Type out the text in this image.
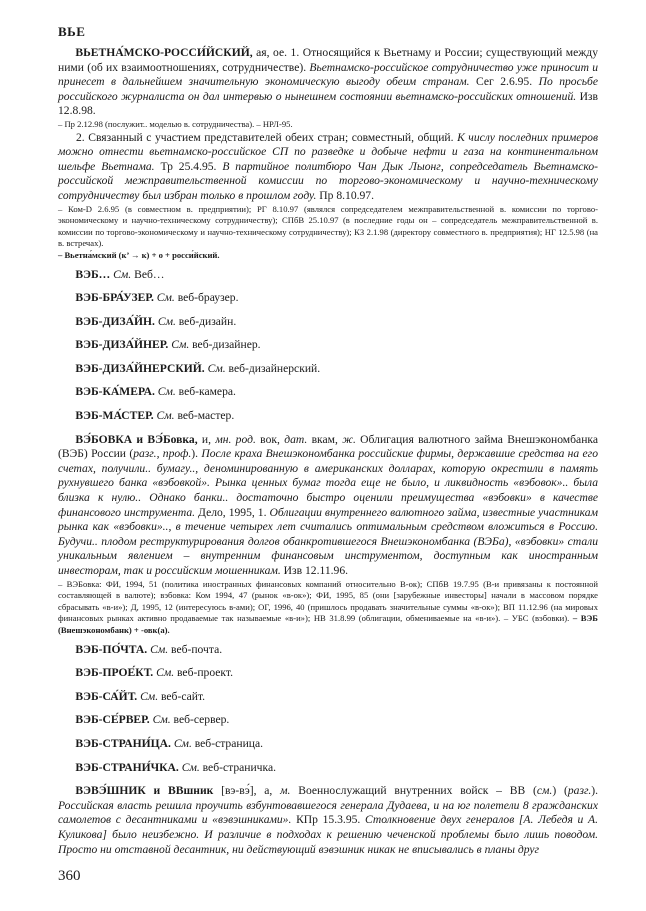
ВЬЕ

  ВЬЕТНА́МСКО-РОССИ́ЙСКИЙ, ая, ое. 1. Относящийся к Вьетнаму и России; существующий между ними (об их взаимоотношениях, сотрудничестве). Вьетнамско-российское сотрудничество уже приносит и принесет в дальнейшем значительную экономическую выгоду обеим странам. Сег 2.6.95. По просьбе российского журналиста он дал интервью о нынешнем состоянии вьетнамско-российских отношений. Изв 12.8.98.

– Пр 2.12.98 (послужит.. моделью в. сотрудничества). – НРЛ-95.

2. Связанный с участием представителей обеих стран; совместный, общий. К числу последних примеров можно отнести вьетнамско-российское СП по разведке и добыче нефти и газа на континентальном шельфе Вьетнама. Тр 25.4.95. В партийное политбюро Чан Дык Лыонг, сопредседатель Вьетнамско-российской межправительственной комиссии по торгово-экономическому и научно-техническому сотрудничеству был избран только в прошлом году. Пр 8.10.97.

– Ком-D 2.6.95 (в совместном в. предприятии); РГ 8.10.97 (являлся сопредседателем межправительственной в. комиссии по торгово-экономическому и научно-техническому сотрудничеству); СПбВ 25.10.97 (в последние годы он – сопредседатель межправительственной в. комиссии по торгово-экономическому и научно-техническому сотрудничеству); КЗ 2.1.98 (директору совместного в. предприятия); НГ 12.5.98 (на в. встречах).

– Вьетна́мский (к’ → к) + о + росси́йский.

  ВЭБ… См. Веб…
  ВЭБ-БРА́УЗЕР. См. веб-браузер.
  ВЭБ-ДИЗА́ЙН. См. веб-дизайн.
  ВЭБ-ДИЗА́ЙНЕР. См. веб-дизайнер.
  ВЭБ-ДИЗА́ЙНЕРСКИЙ. См. веб-дизайнерский.
  ВЭБ-КА́МЕРА. См. веб-камера.
  ВЭБ-МА́СТЕР. См. веб-мастер.

  ВЭ́БОВКА и ВЭ́Бовка, и, мн. род. вок, дат. вкам, ж. Облигация валютного займа Внешэкономбанка (ВЭБ) России (разг., проф.). После краха Внешэкономбанка российские фирмы, державшие средства на его счетах, получили.. бумагу.., деноминированную в американских долларах, которую окрестили в память рухнувшего банка «вэбовкой». Рынка ценных бумаг тогда еще не было, и ликвидность «вэбовок».. была близка к нулю.. Однако банки.. достаточно быстро оценили преимущества «вэбовки» в качестве финансового инструмента. Дело, 1995, 1. Облигации внутреннего валютного займа, известные участникам рынка как «вэбовки».., в течение четырех лет считались оптимальным средством вложиться в Россию. Будучи.. плодом реструктурирования долгов обанкротившегося Внешэкономбанка (ВЭБа), «вэбовки» стали уникальным явлением – внутренним финансовым инструментом, доступным как иностранным инвесторам, так и российским мошенникам. Изв 12.11.96.

– ВЭБовка: ФИ, 1994, 51 (политика иностранных финансовых компаний относительно В-ок); СПбВ 19.7.95 (В-и привязаны к постоянной составляющей в валюте); вэбовка: Ком 1994, 47 (рынок «в-ок»); ФИ, 1995, 85 (они [зарубежные инвесторы] начали в массовом порядке сбрасывать «в-и»); Д, 1995, 12 (интересуюсь в-ами); ОГ, 1996, 40 (пришлось продавать значительные суммы «в-ок»); ВП 11.12.96 (на мировых финансовых рынках активно продаваемые так называемые «в-и»); НВ 31.8.99 (облигации, обмениваемые на «в-и»). – УБС (вэбовки). – ВЭБ (Внешэкономбанк) + -овк(а).

  ВЭБ-ПО́ЧТА. См. веб-почта.
  ВЭБ-ПРОЕ́КТ. См. веб-проект.
  ВЭБ-СА́ЙТ. См. веб-сайт.
  ВЭБ-СЕ́РВЕР. См. веб-сервер.
  ВЭБ-СТРАНИ́ЦА. См. веб-страница.
  ВЭБ-СТРАНИ́ЧКА. См. веб-страничка.

  ВЭВЭ́ШНИК и ВВшник [вэ-вэ́], а, м. Военнослужащий внутренних войск – ВВ (см.) (разг.). Российская власть решила проучить взбунтовавшегося генерала Дудаева, и на юг полетели 8 гражданских самолетов с десантниками и «вэвэшниками». КПр 15.3.95. Столкновение двух генералов [А. Лебедя и А. Куликова] было неизбежно. И различие в подходах к решению чеченской проблемы было лишь поводом. Просто ни отставной десантник, ни действующий вэвэшник никак не вписывались в планы друг

360
